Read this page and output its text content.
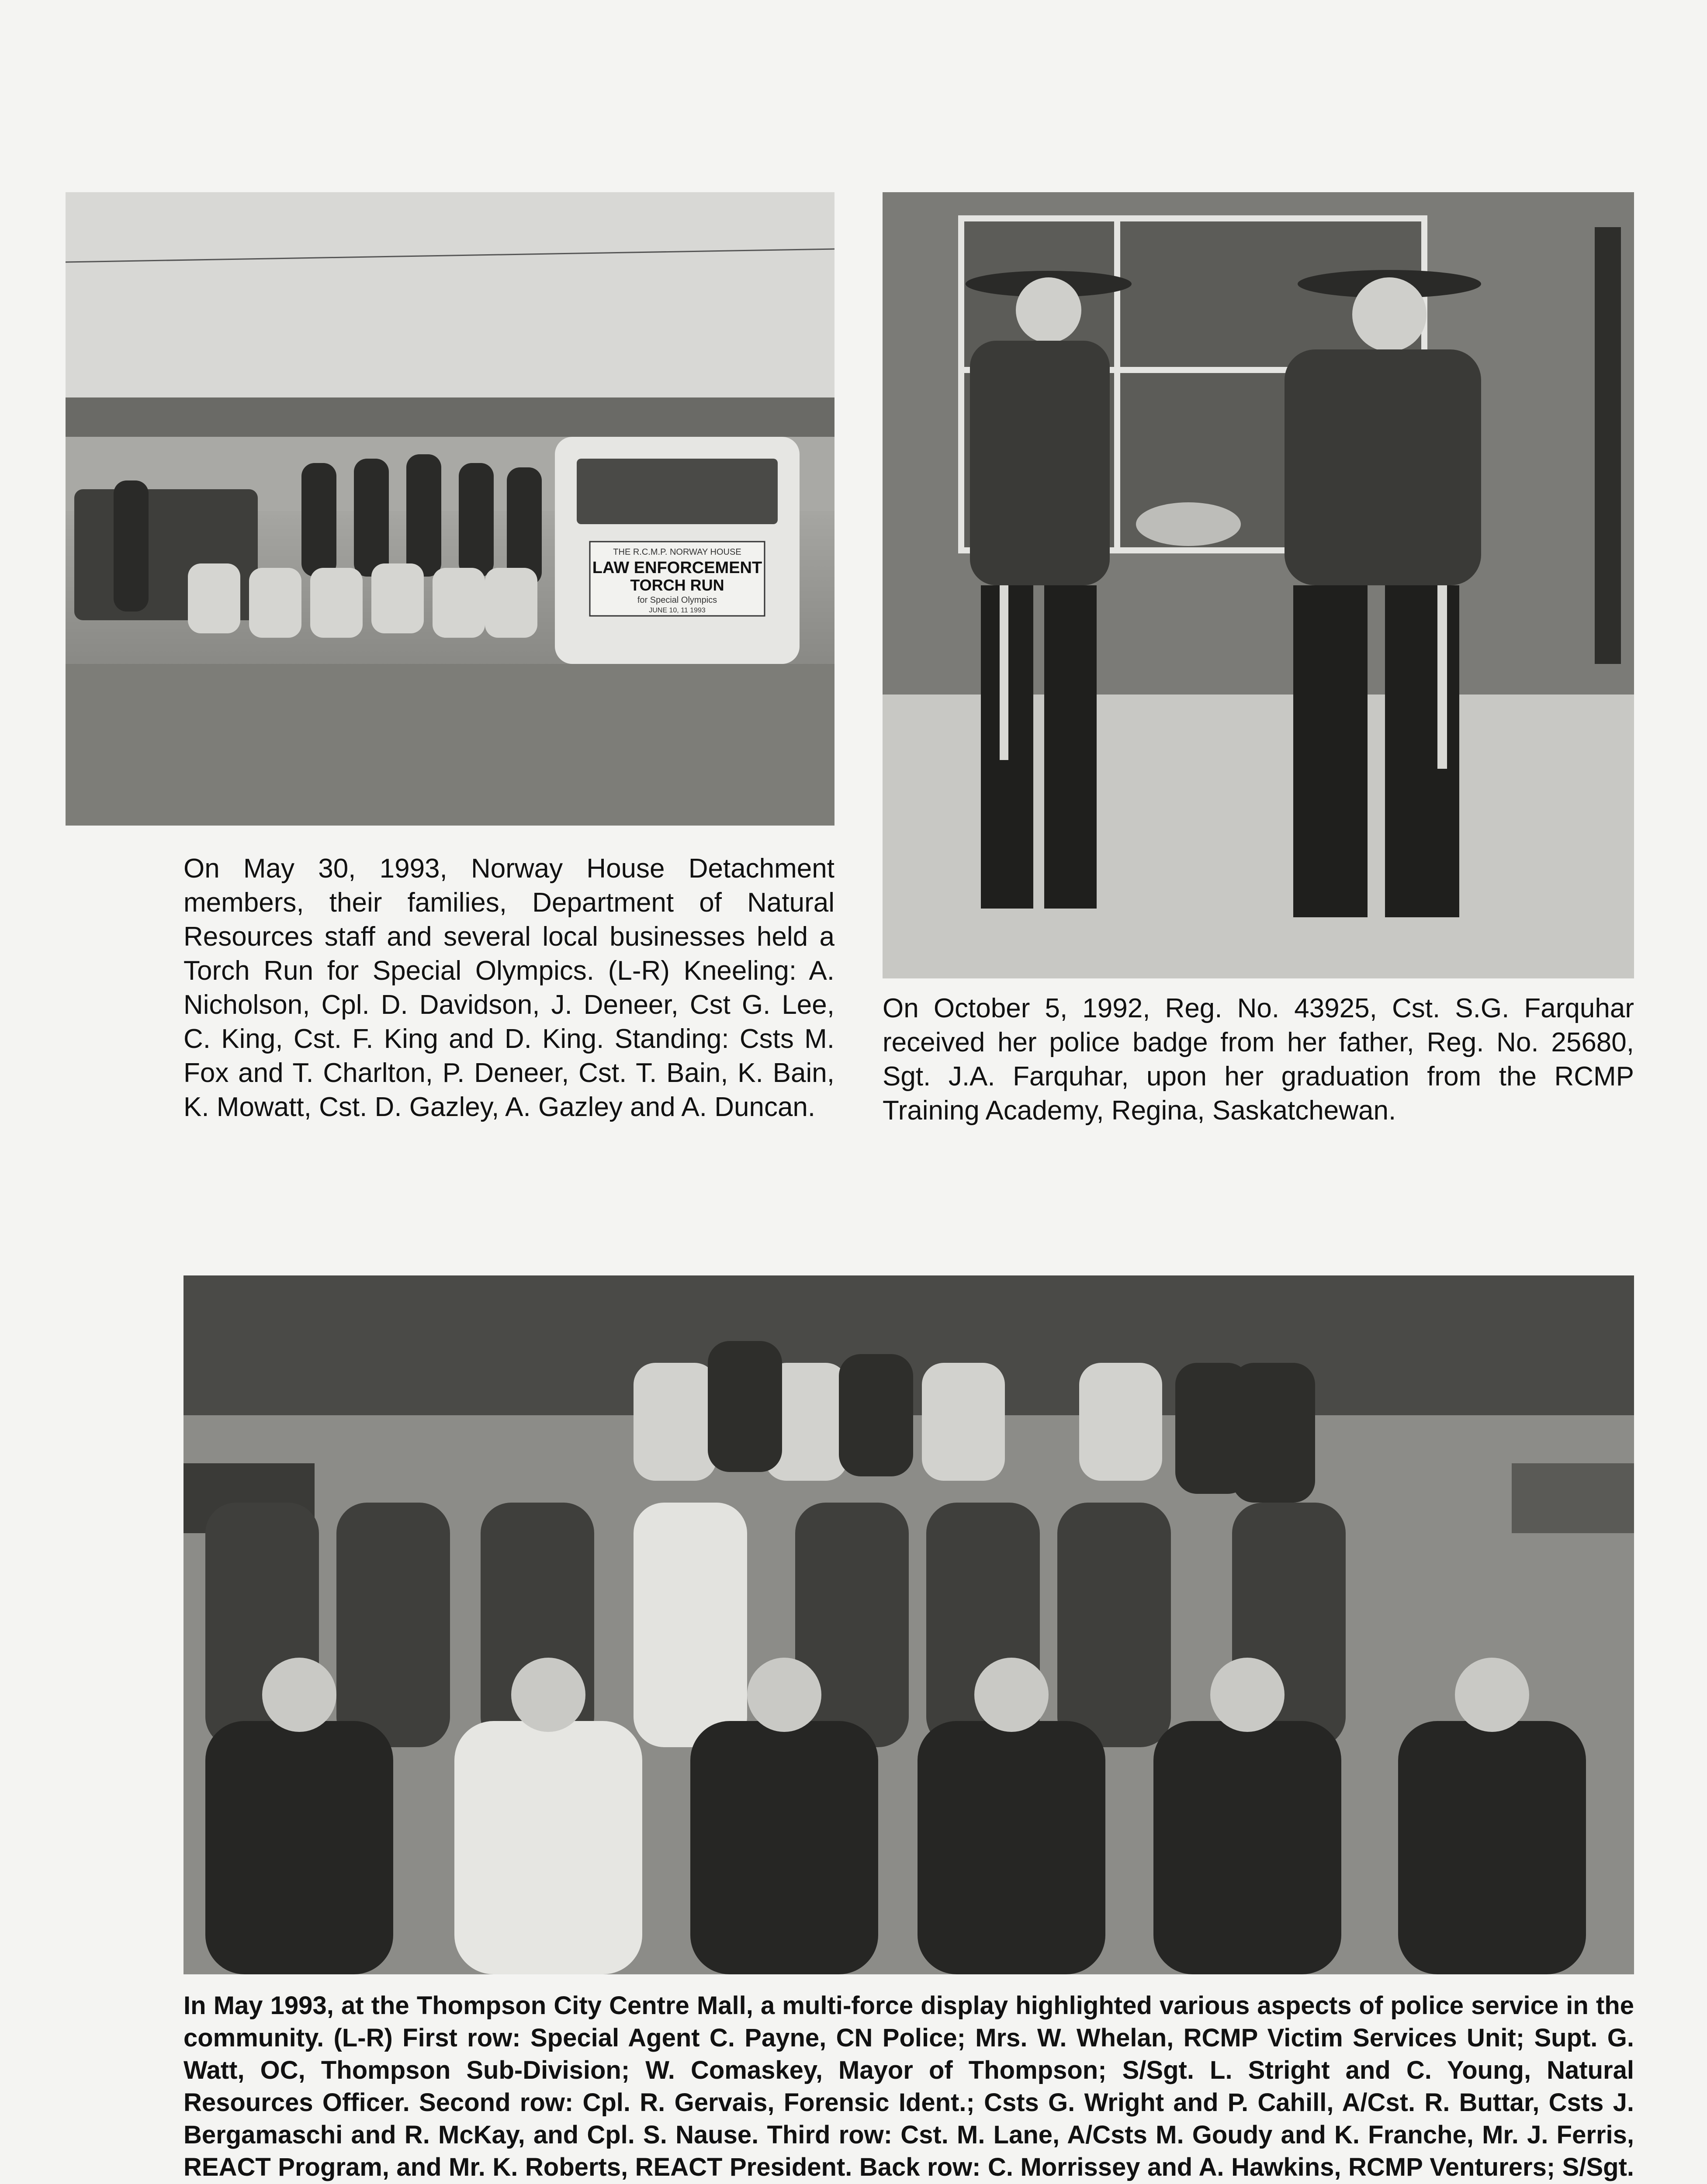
THE R.C.M.P. NORWAY HOUSE
LAW ENFORCEMENT
TORCH RUN
for Special Olympics
JUNE 10, 11 1993

On May 30, 1993, Norway House Detachment members, their families, Department of Natural Resources staff and several local businesses held a Torch Run for Special Olympics. (L-R) Kneeling: A. Nicholson, Cpl. D. Davidson, J. Deneer, Cst G. Lee, C. King, Cst. F. King and D. King. Standing: Csts M. Fox and T. Charlton, P. Deneer, Cst. T. Bain, K. Bain, K. Mowatt, Cst. D. Gazley, A. Gazley and A. Duncan.

On October 5, 1992, Reg. No. 43925, Cst. S.G. Farquhar received her police badge from her father, Reg. No. 25680, Sgt. J.A. Farquhar, upon her graduation from the RCMP Training Academy, Regina, Saskatchewan.

In May 1993, at the Thompson City Centre Mall, a multi-force display highlighted various aspects of police service in the community. (L-R) First row: Special Agent C. Payne, CN Police; Mrs. W. Whelan, RCMP Victim Services Unit; Supt. G. Watt, OC, Thompson Sub-Division; W. Comaskey, Mayor of Thompson; S/Sgt. L. Stright and C. Young, Natural Resources Officer. Second row: Cpl. R. Gervais, Forensic Ident.; Csts G. Wright and P. Cahill, A/Cst. R. Buttar, Csts J. Bergamaschi and R. McKay, and Cpl. S. Nause. Third row: Cst. M. Lane, A/Csts M. Goudy and K. Franche, Mr. J. Ferris, REACT Program, and Mr. K. Roberts, REACT President. Back row: C. Morrissey and A. Hawkins, RCMP Venturers; S/Sgt.
